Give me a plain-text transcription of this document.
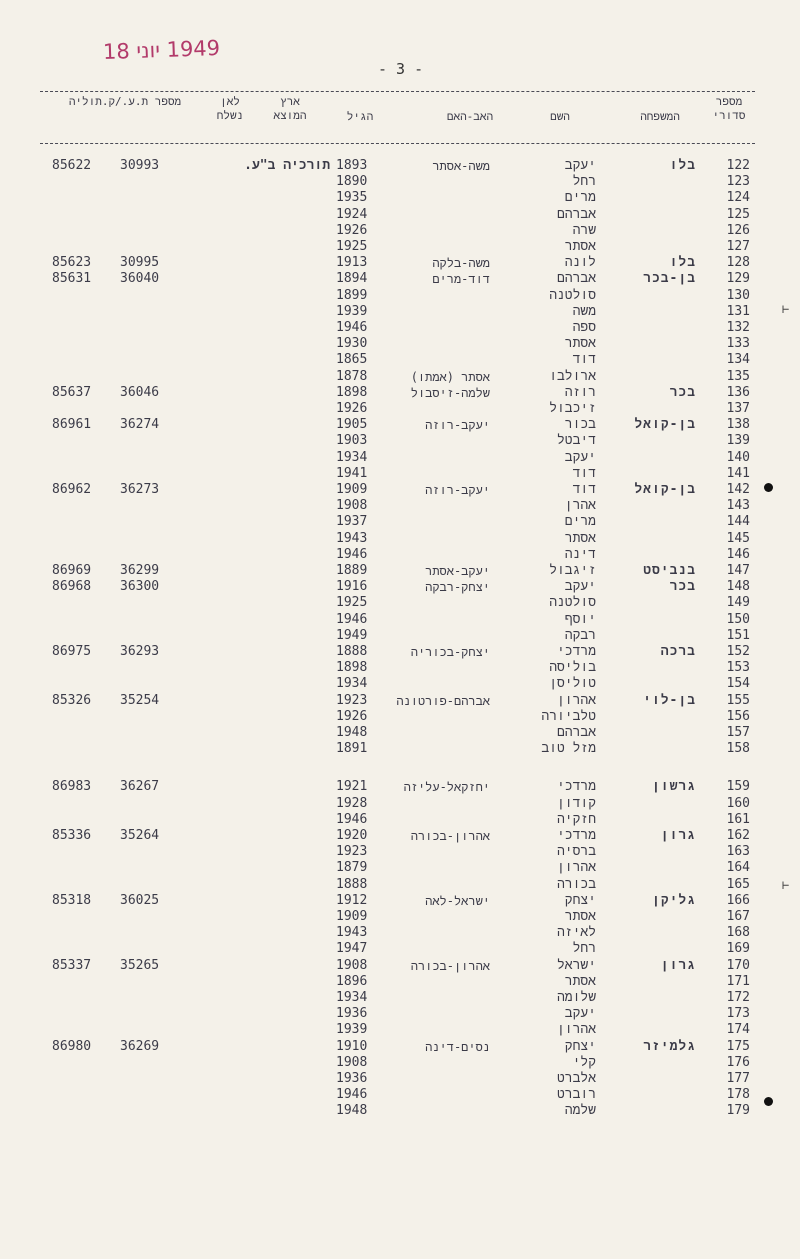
1949 יוני 18
- 3 -
מספר סדורי
המשפחה
השם
האב-האם
הגיל
ארץ המוצא
לאן נשלח
מספר ת.ע./ק.תוליה
122
בלו
יעקב
משה-אסתר
1893
תורכיה ב"ע.
30993
85622
123
רחל
1890
124
מרים
1935
125
אברהם
1924
126
שרה
1926
127
אסתר
1925
128
בלו
לונה
משה-בלקה
1913
30995
85623
129
בן-בכר
אברהם
דוד-מרים
1894
36040
85631
130
סולטנה
1899
131
משה
1939
132
ספה
1946
133
אסתר
1930
134
דוד
1865
135
ארולבו
אסתר (אמתו)
1878
136
בכר
רוזה
שלמה-זיסבול
1898
36046
85637
137
זיכבול
1926
138
בן-קואל
בכור
יעקב-רוזה
1905
36274
86961
139
דיבטל
1903
140
יעקב
1934
141
דוד
1941
142
בן-קואל
דוד
יעקב-רוזה
1909
36273
86962
143
אהרן
1908
144
מרים
1937
145
אסתר
1943
146
דינה
1946
147
בנביסט
זיגבול
יעקב-אסתר
1889
36299
86969
148
בכר
יעקב
יצחק-רבקה
1916
36300
86968
149
סולטנה
1925
150
יוסף
1946
151
רבקה
1949
152
ברכה
מרדכי
יצחק-בכוריה
1888
36293
86975
153
בוליסה
1898
154
טוליסן
1934
155
בן-לוי
אהרון
אברהם-פורטונה
1923
35254
85326
156
טלביורה
1926
157
אברהם
1948
158
מזל טוב
1891
159
גרשון
מרדכי
יחזקאל-עליזה
1921
36267
86983
160
קודון
1928
161
חזקיה
1946
162
גרון
מרדכי
אהרון-בכורה
1920
35264
85336
163
ברסיה
1923
164
אהרון
1879
165
בכורה
1888
166
גליקן
יצחק
ישראל-לאה
1912
36025
85318
167
אסתר
1909
168
לאיזה
1943
169
רחל
1947
170
גרון
ישראל
אהרון-בכורה
1908
35265
85337
171
אסתר
1896
172
שלומה
1934
173
יעקב
1936
174
אהרון
1939
175
גלמיזר
יצחק
נסים-דינה
1910
36269
86980
176
קלי
1908
177
אלברט
1936
178
רוברט
1946
179
שלמה
1948
⊢
⊢
